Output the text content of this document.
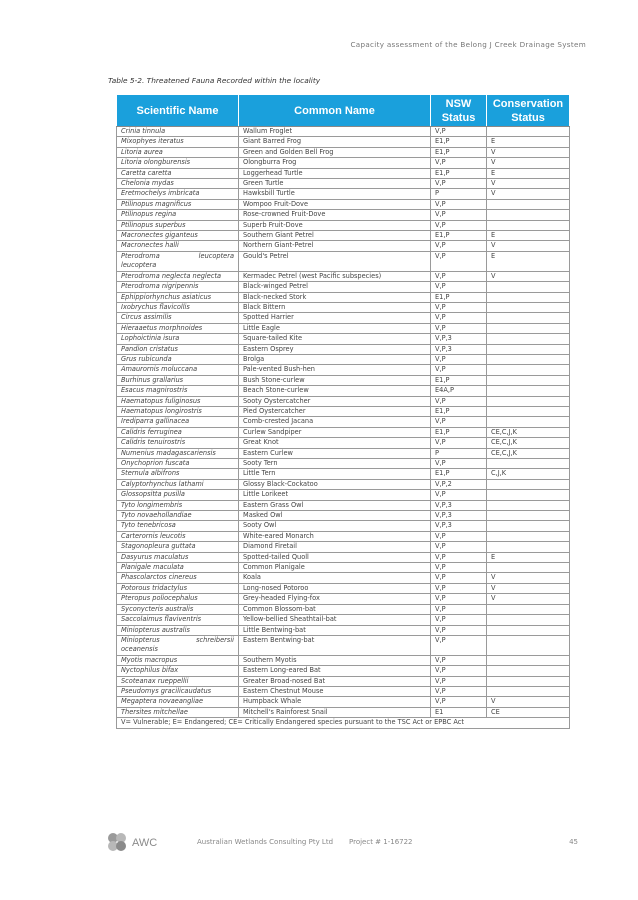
Capacity assessment of the Belong J Creek Drainage System
Table 5-2. Threatened Fauna Recorded within the locality
Scientific Name	Common Name	NSW Status	Conservation Status
Crinia tinnula	Wallum Froglet	V,P	
Mixophyes iteratus	Giant Barred Frog	E1,P	E
Litoria aurea	Green and Golden Bell Frog	E1,P	V
Litoria olongburensis	Olongburra Frog	V,P	V
Caretta caretta	Loggerhead Turtle	E1,P	E
Chelonia mydas	Green Turtle	V,P	V
Eretmochelys imbricata	Hawksbill Turtle	P	V
Ptilinopus magnificus	Wompoo Fruit-Dove	V,P	
Ptilinopus regina	Rose-crowned Fruit-Dove	V,P	
Ptilinopus superbus	Superb Fruit-Dove	V,P	
Macronectes giganteus	Southern Giant Petrel	E1,P	E
Macronectes halli	Northern Giant-Petrel	V,P	V
Pterodroma leucoptera leucoptera	Gould's Petrel	V,P	E
Pterodroma neglecta neglecta	Kermadec Petrel (west Pacific subspecies)	V,P	V
Pterodroma nigripennis	Black-winged Petrel	V,P	
Ephippiorhynchus asiaticus	Black-necked Stork	E1,P	
Ixobrychus flavicollis	Black Bittern	V,P	
Circus assimilis	Spotted Harrier	V,P	
Hieraaetus morphnoides	Little Eagle	V,P	
Lophoictinia isura	Square-tailed Kite	V,P,3	
Pandion cristatus	Eastern Osprey	V,P,3	
Grus rubicunda	Brolga	V,P	
Amaurornis moluccana	Pale-vented Bush-hen	V,P	
Burhinus grallarius	Bush Stone-curlew	E1,P	
Esacus magnirostris	Beach Stone-curlew	E4A,P	
Haematopus fuliginosus	Sooty Oystercatcher	V,P	
Haematopus longirostris	Pied Oystercatcher	E1,P	
Irediparra gallinacea	Comb-crested Jacana	V,P	
Calidris ferruginea	Curlew Sandpiper	E1,P	CE,C,J,K
Calidris tenuirostris	Great Knot	V,P	CE,C,J,K
Numenius madagascariensis	Eastern Curlew	P	CE,C,J,K
Onychoprion fuscata	Sooty Tern	V,P	
Sternula albifrons	Little Tern	E1,P	C,J,K
Calyptorhynchus lathami	Glossy Black-Cockatoo	V,P,2	
Glossopsitta pusilla	Little Lorikeet	V,P	
Tyto longimembris	Eastern Grass Owl	V,P,3	
Tyto novaehollandiae	Masked Owl	V,P,3	
Tyto tenebricosa	Sooty Owl	V,P,3	
Carterornis leucotis	White-eared Monarch	V,P	
Stagonopleura guttata	Diamond Firetail	V,P	
Dasyurus maculatus	Spotted-tailed Quoll	V,P	E
Planigale maculata	Common Planigale	V,P	
Phascolarctos cinereus	Koala	V,P	V
Potorous tridactylus	Long-nosed Potoroo	V,P	V
Pteropus poliocephalus	Grey-headed Flying-fox	V,P	V
Syconycteris australis	Common Blossom-bat	V,P	
Saccolaimus flaviventris	Yellow-bellied Sheathtail-bat	V,P	
Miniopterus australis	Little Bentwing-bat	V,P	
Miniopterus schreibersii oceanensis	Eastern Bentwing-bat	V,P	
Myotis macropus	Southern Myotis	V,P	
Nyctophilus bifax	Eastern Long-eared Bat	V,P	
Scoteanax rueppellii	Greater Broad-nosed Bat	V,P	
Pseudomys gracilicaudatus	Eastern Chestnut Mouse	V,P	
Megaptera novaeangliae	Humpback Whale	V,P	V
Thersites mitchellae	Mitchell's Rainforest Snail	E1	CE
V= Vulnerable; E= Endangered; CE= Critically Endangered species pursuant to the TSC Act or EPBC Act			
AWC	Australian Wetlands Consulting Pty Ltd Project # 1-16722	45
